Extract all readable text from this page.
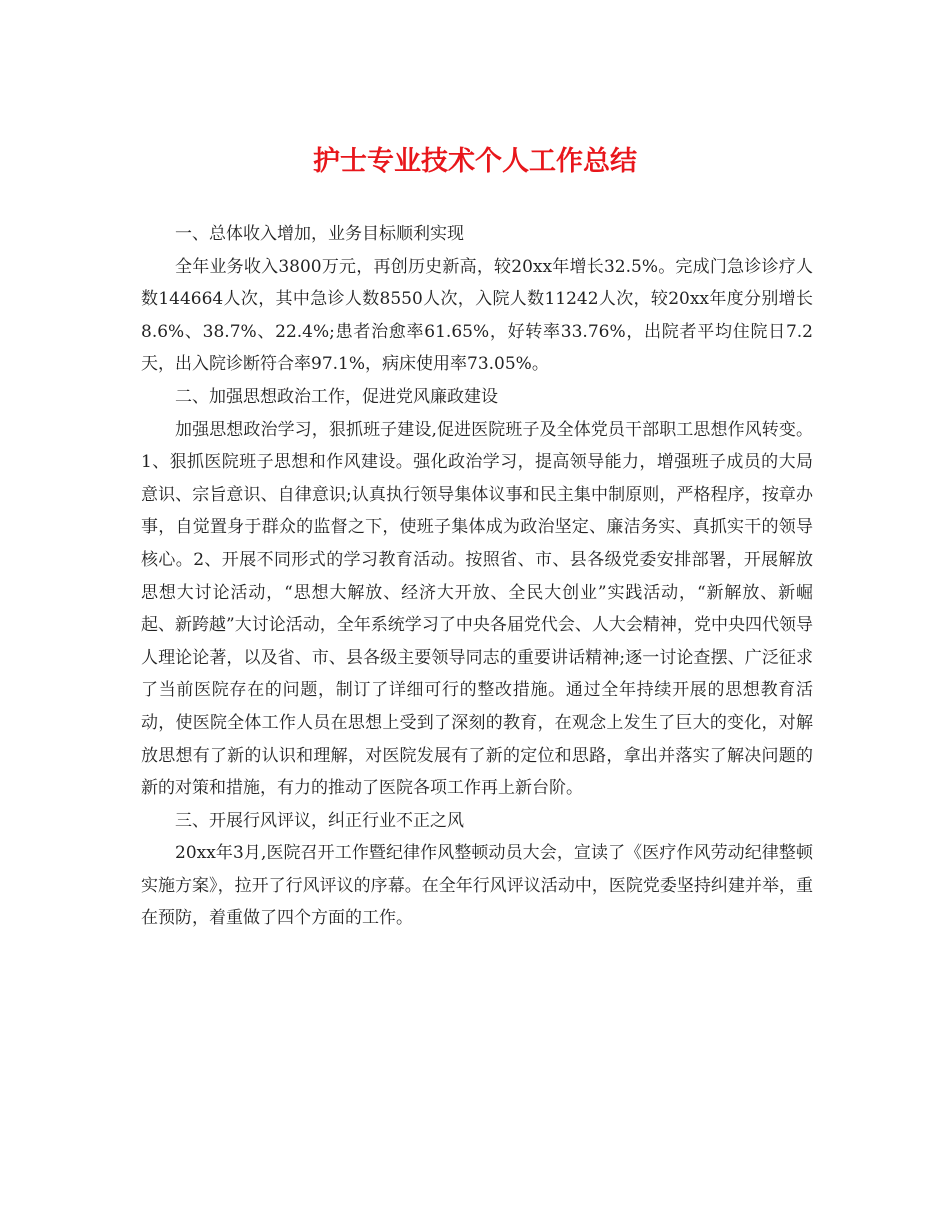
护士专业技术个人工作总结

一、总体收入增加，业务目标顺利实现

全年业务收入3800万元，再创历史新高，较20xx年增长32.5%。完成门急诊诊疗人数144664人次，其中急诊人数8550人次，入院人数11242人次，较20xx年度分别增长8.6%、38.7%、22.4%;患者治愈率61.65%，好转率33.76%，出院者平均住院日7.2天，出入院诊断符合率97.1%，病床使用率73.05%。

二、加强思想政治工作，促进党风廉政建设

加强思想政治学习，狠抓班子建设,促进医院班子及全体党员干部职工思想作风转变。1、狠抓医院班子思想和作风建设。强化政治学习，提高领导能力，增强班子成员的大局意识、宗旨意识、自律意识;认真执行领导集体议事和民主集中制原则，严格程序，按章办事，自觉置身于群众的监督之下，使班子集体成为政治坚定、廉洁务实、真抓实干的领导核心。2、开展不同形式的学习教育活动。按照省、市、县各级党委安排部署，开展解放思想大讨论活动，“思想大解放、经济大开放、全民大创业”实践活动，“新解放、新崛起、新跨越”大讨论活动，全年系统学习了中央各届党代会、人大会精神，党中央四代领导人理论论著，以及省、市、县各级主要领导同志的重要讲话精神;逐一讨论查摆、广泛征求了当前医院存在的问题，制订了详细可行的整改措施。通过全年持续开展的思想教育活动，使医院全体工作人员在思想上受到了深刻的教育，在观念上发生了巨大的变化，对解放思想有了新的认识和理解，对医院发展有了新的定位和思路，拿出并落实了解决问题的新的对策和措施，有力的推动了医院各项工作再上新台阶。

三、开展行风评议，纠正行业不正之风

20xx年3月,医院召开工作暨纪律作风整顿动员大会，宣读了《医疗作风劳动纪律整顿实施方案》，拉开了行风评议的序幕。在全年行风评议活动中，医院党委坚持纠建并举，重在预防，着重做了四个方面的工作。
